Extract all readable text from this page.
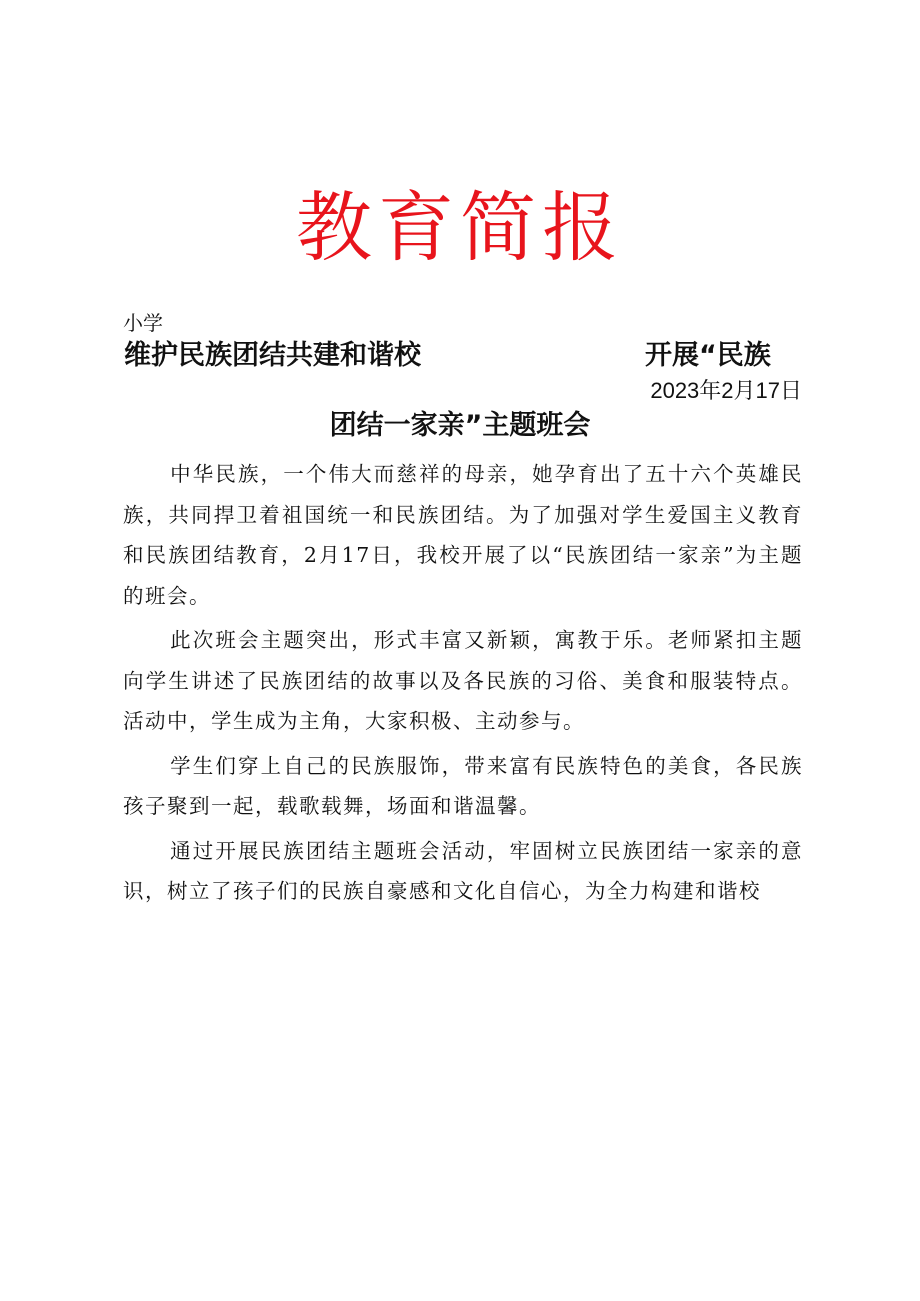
教育简报
小学
维护民族团结共建和谐校	开展“民族
2023年2月17日
团结一家亲”主题班会

中华民族，一个伟大而慈祥的母亲，她孕育出了五十六个英雄民族，共同捍卫着祖国统一和民族团结。为了加强对学生爱国主义教育和民族团结教育，2月17日，我校开展了以“民族团结一家亲”为主题的班会。

此次班会主题突出，形式丰富又新颖，寓教于乐。老师紧扣主题向学生讲述了民族团结的故事以及各民族的习俗、美食和服装特点。活动中，学生成为主角，大家积极、主动参与。

学生们穿上自己的民族服饰，带来富有民族特色的美食，各民族孩子聚到一起，载歌载舞，场面和谐温馨。

通过开展民族团结主题班会活动，牢固树立民族团结一家亲的意识，树立了孩子们的民族自豪感和文化自信心，为全力构建和谐校
